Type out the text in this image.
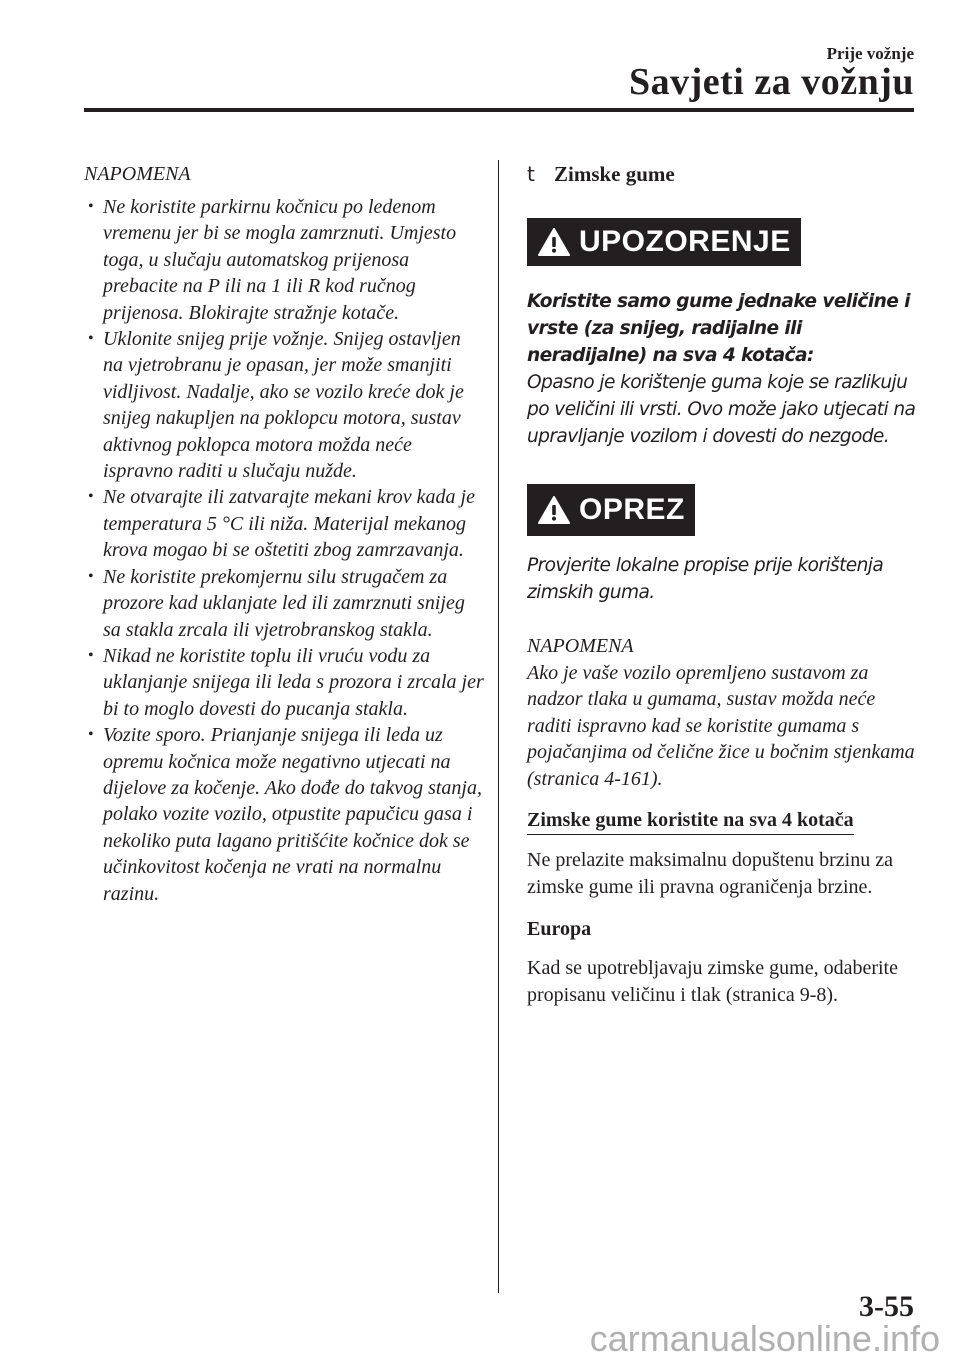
Prije vožnje
Savjeti za vožnju
NAPOMENA
• Ne koristite parkirnu kočnicu po ledenom vremenu jer bi se mogla zamrznuti. Umjesto toga, u slučaju automatskog prijenosa prebacite na P ili na 1 ili R kod ručnog prijenosa. Blokirajte stražnje kotače.
• Uklonite snijeg prije vožnje. Snijeg ostavljen na vjetrobranu je opasan, jer može smanjiti vidljivost. Nadalje, ako se vozilo kreće dok je snijeg nakupljen na poklopcu motora, sustav aktivnog poklopca motora možda neće ispravno raditi u slučaju nužde.
• Ne otvarajte ili zatvarajte mekani krov kada je temperatura 5 °C ili niža. Materijal mekanog krova mogao bi se oštetiti zbog zamrzavanja.
• Ne koristite prekomjernu silu strugačem za prozore kad uklanjate led ili zamrznuti snijeg sa stakla zrcala ili vjetrobranskog stakla.
• Nikad ne koristite toplu ili vruću vodu za uklanjanje snijega ili leda s prozora i zrcala jer bi to moglo dovesti do pucanja stakla.
• Vozite sporo. Prianjanje snijega ili leda uz opremu kočnica može negativno utjecati na dijelove za kočenje. Ako dođe do takvog stanja, polako vozite vozilo, otpustite papučicu gasa i nekoliko puta lagano pritišćite kočnice dok se učinkovitost kočenja ne vrati na normalnu razinu.
t Zimske gume
UPOZORENJE
Koristite samo gume jednake veličine i vrste (za snijeg, radijalne ili neradijalne) na sva 4 kotača:
Opasno je korištenje guma koje se razlikuju po veličini ili vrsti. Ovo može jako utjecati na upravljanje vozilom i dovesti do nezgode.
OPREZ
Provjerite lokalne propise prije korištenja zimskih guma.
NAPOMENA
Ako je vaše vozilo opremljeno sustavom za nadzor tlaka u gumama, sustav možda neće raditi ispravno kad se koristite gumama s pojačanjima od čelične žice u bočnim stjenkama (stranica 4-161).
Zimske gume koristite na sva 4 kotača
Ne prelazite maksimalnu dopuštenu brzinu za zimske gume ili pravna ograničenja brzine.
Europa
Kad se upotrebljavaju zimske gume, odaberite propisanu veličinu i tlak (stranica 9-8).
3-55
carmanualsonline.info
